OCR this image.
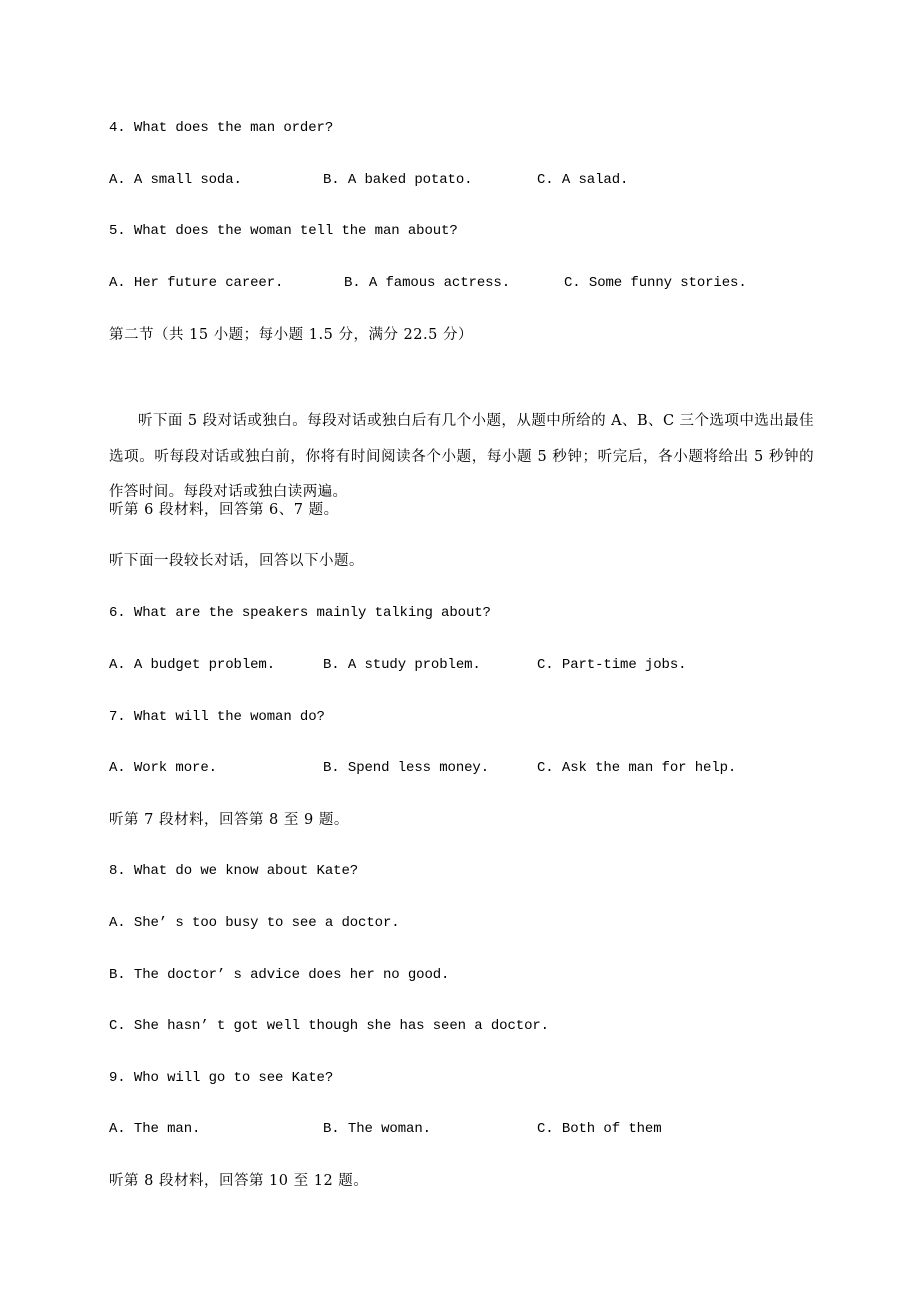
4. What does the man order?
A. A small soda.	B. A baked potato.	C. A salad.
5. What does the woman tell the man about?
A. Her future career.	B. A famous actress.	C. Some funny stories.
第二节（共 15 小题；每小题 1.5 分，满分 22.5 分）
听下面 5 段对话或独白。每段对话或独白后有几个小题，从题中所给的 A、B、C 三个选项中选出最佳选项。听每段对话或独白前，你将有时间阅读各个小题，每小题 5 秒钟；听完后，各小题将给出 5 秒钟的作答时间。每段对话或独白读两遍。
听第 6 段材料，回答第 6、7 题。
听下面一段较长对话，回答以下小题。
6. What are the speakers mainly talking about?
A. A budget problem.	B. A study problem.	C. Part-time jobs.
7. What will the woman do?
A. Work more.	B. Spend less money.	C. Ask the man for help.
听第 7 段材料，回答第 8 至 9 题。
8. What do we know about Kate?
A. She’ s too busy to see a doctor.
B. The doctor’ s advice does her no good.
C. She hasn’ t got well though she has seen a doctor.
9. Who will go to see Kate?
A. The man.	B. The woman.	C. Both of them
听第 8 段材料，回答第 10 至 12 题。
